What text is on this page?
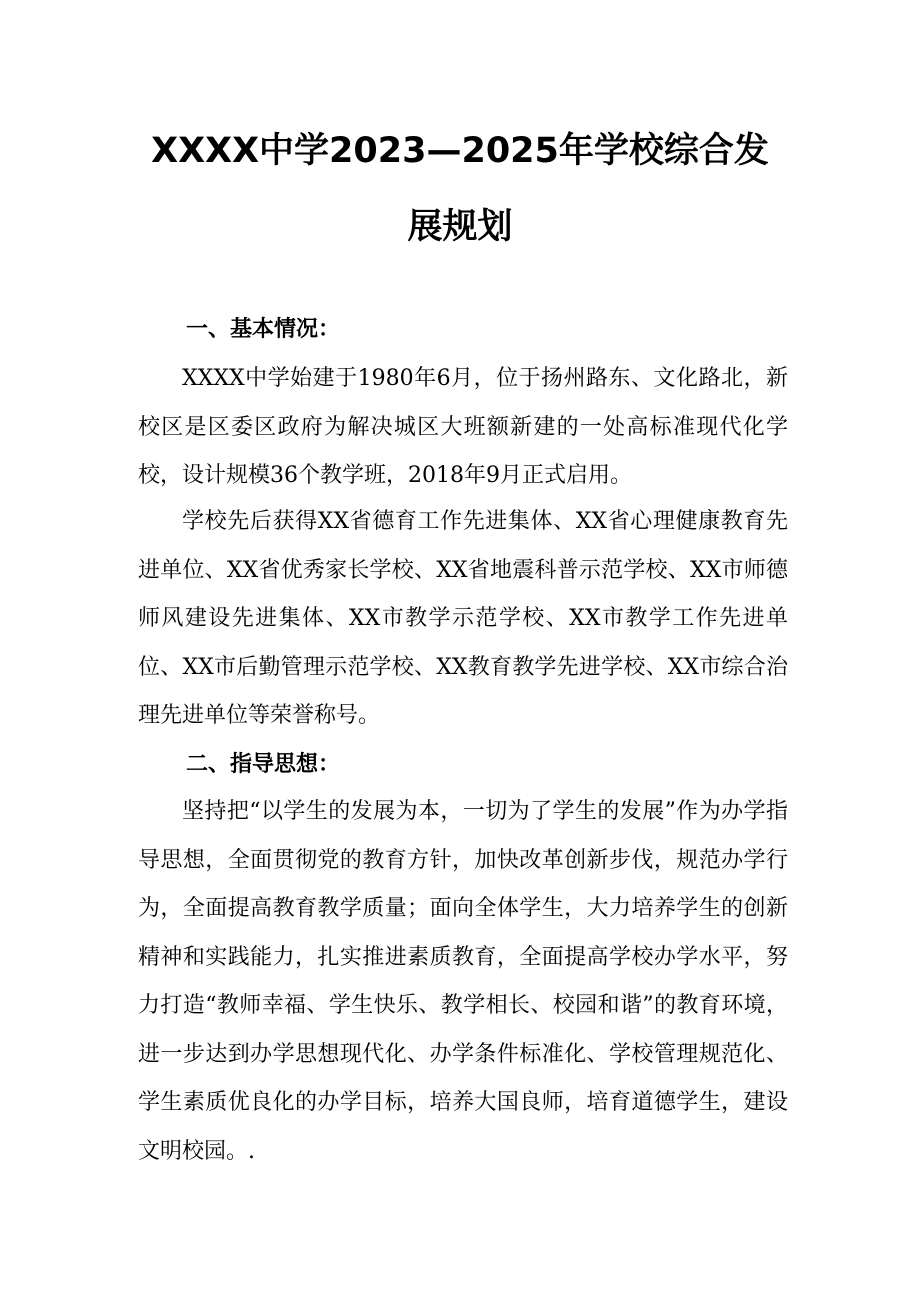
XXXX中学2023—2025年学校综合发
展规划
一、基本情况：
XXXX中学始建于1980年6月，位于扬州路东、文化路北，新校区是区委区政府为解决城区大班额新建的一处高标准现代化学校，设计规模36个教学班，2018年9月正式启用。
学校先后获得XX省德育工作先进集体、XX省心理健康教育先进单位、XX省优秀家长学校、XX省地震科普示范学校、XX市师德师风建设先进集体、XX市教学示范学校、XX市教学工作先进单位、XX市后勤管理示范学校、XX教育教学先进学校、XX市综合治理先进单位等荣誉称号。
二、指导思想：
坚持把“以学生的发展为本，一切为了学生的发展”作为办学指导思想，全面贯彻党的教育方针，加快改革创新步伐，规范办学行为，全面提高教育教学质量；面向全体学生，大力培养学生的创新精神和实践能力，扎实推进素质教育，全面提高学校办学水平，努力打造“教师幸福、学生快乐、教学相长、校园和谐”的教育环境，进一步达到办学思想现代化、办学条件标准化、学校管理规范化、学生素质优良化的办学目标，培养大国良师，培育道德学生，建设文明校园。.
